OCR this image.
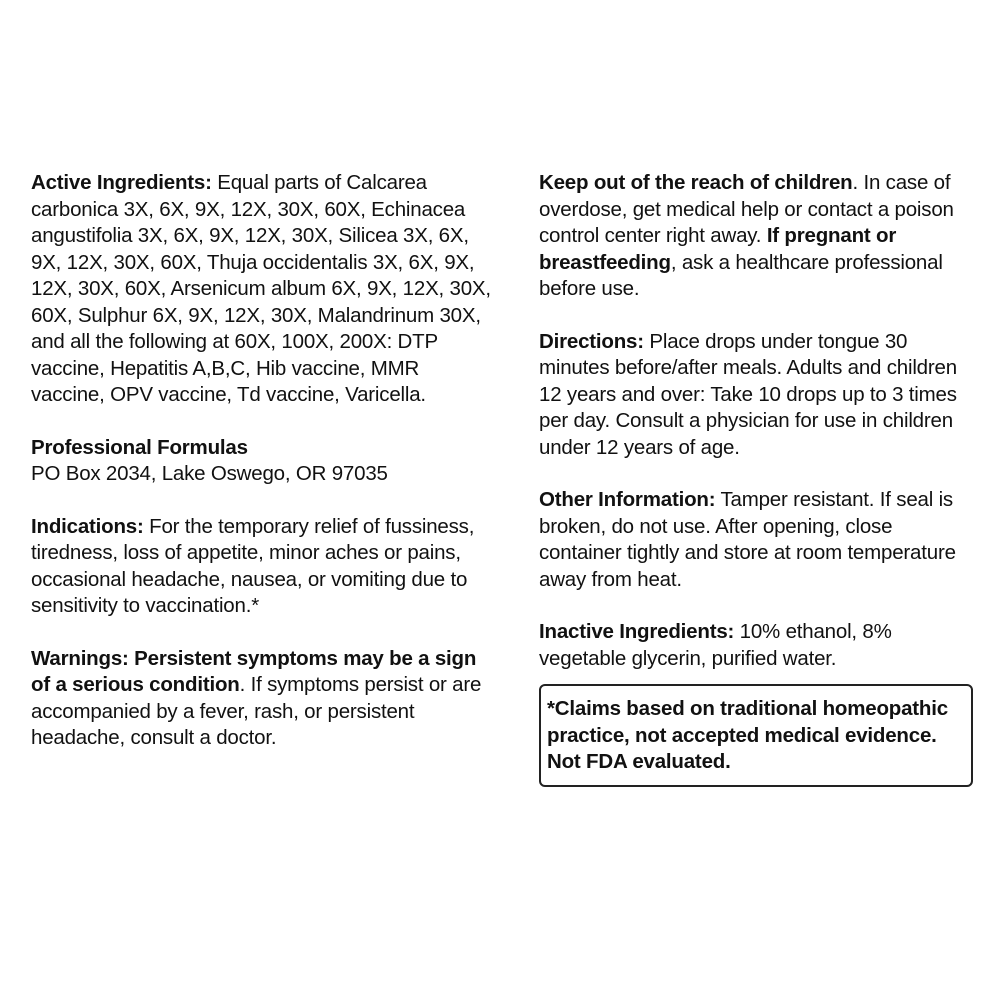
Active Ingredients: Equal parts of Calcarea carbonica 3X, 6X, 9X, 12X, 30X, 60X, Echinacea angustifolia 3X, 6X, 9X, 12X, 30X, Silicea 3X, 6X, 9X, 12X, 30X, 60X, Thuja occidentalis 3X, 6X, 9X, 12X, 30X, 60X, Arsenicum album 6X, 9X, 12X, 30X, 60X, Sulphur 6X, 9X, 12X, 30X, Malandrinum 30X, and all the following at 60X, 100X, 200X: DTP vaccine, Hepatitis A,B,C, Hib vaccine, MMR vaccine, OPV vaccine, Td vaccine, Varicella.

Professional Formulas

PO Box 2034, Lake Oswego, OR 97035

Indications: For the temporary relief of fussiness, tiredness, loss of appetite, minor aches or pains, occasional headache, nausea, or vomiting due to sensitivity to vaccination.*

Warnings: Persistent symptoms may be a sign of a serious condition. If symptoms persist or are accompanied by a fever, rash, or persistent headache, consult a doctor.

Keep out of the reach of children. In case of overdose, get medical help or contact a poison control center right away. If pregnant or breastfeeding, ask a healthcare professional before use.

Directions: Place drops under tongue 30 minutes before/after meals. Adults and children 12 years and over: Take 10 drops up to 3 times per day. Consult a physician for use in children under 12 years of age.

Other Information: Tamper resistant. If seal is broken, do not use. After opening, close container tightly and store at room temperature away from heat.

Inactive Ingredients: 10% ethanol, 8% vegetable glycerin, purified water.

*Claims based on traditional homeopathic practice, not accepted medical evidence. Not FDA evaluated.
